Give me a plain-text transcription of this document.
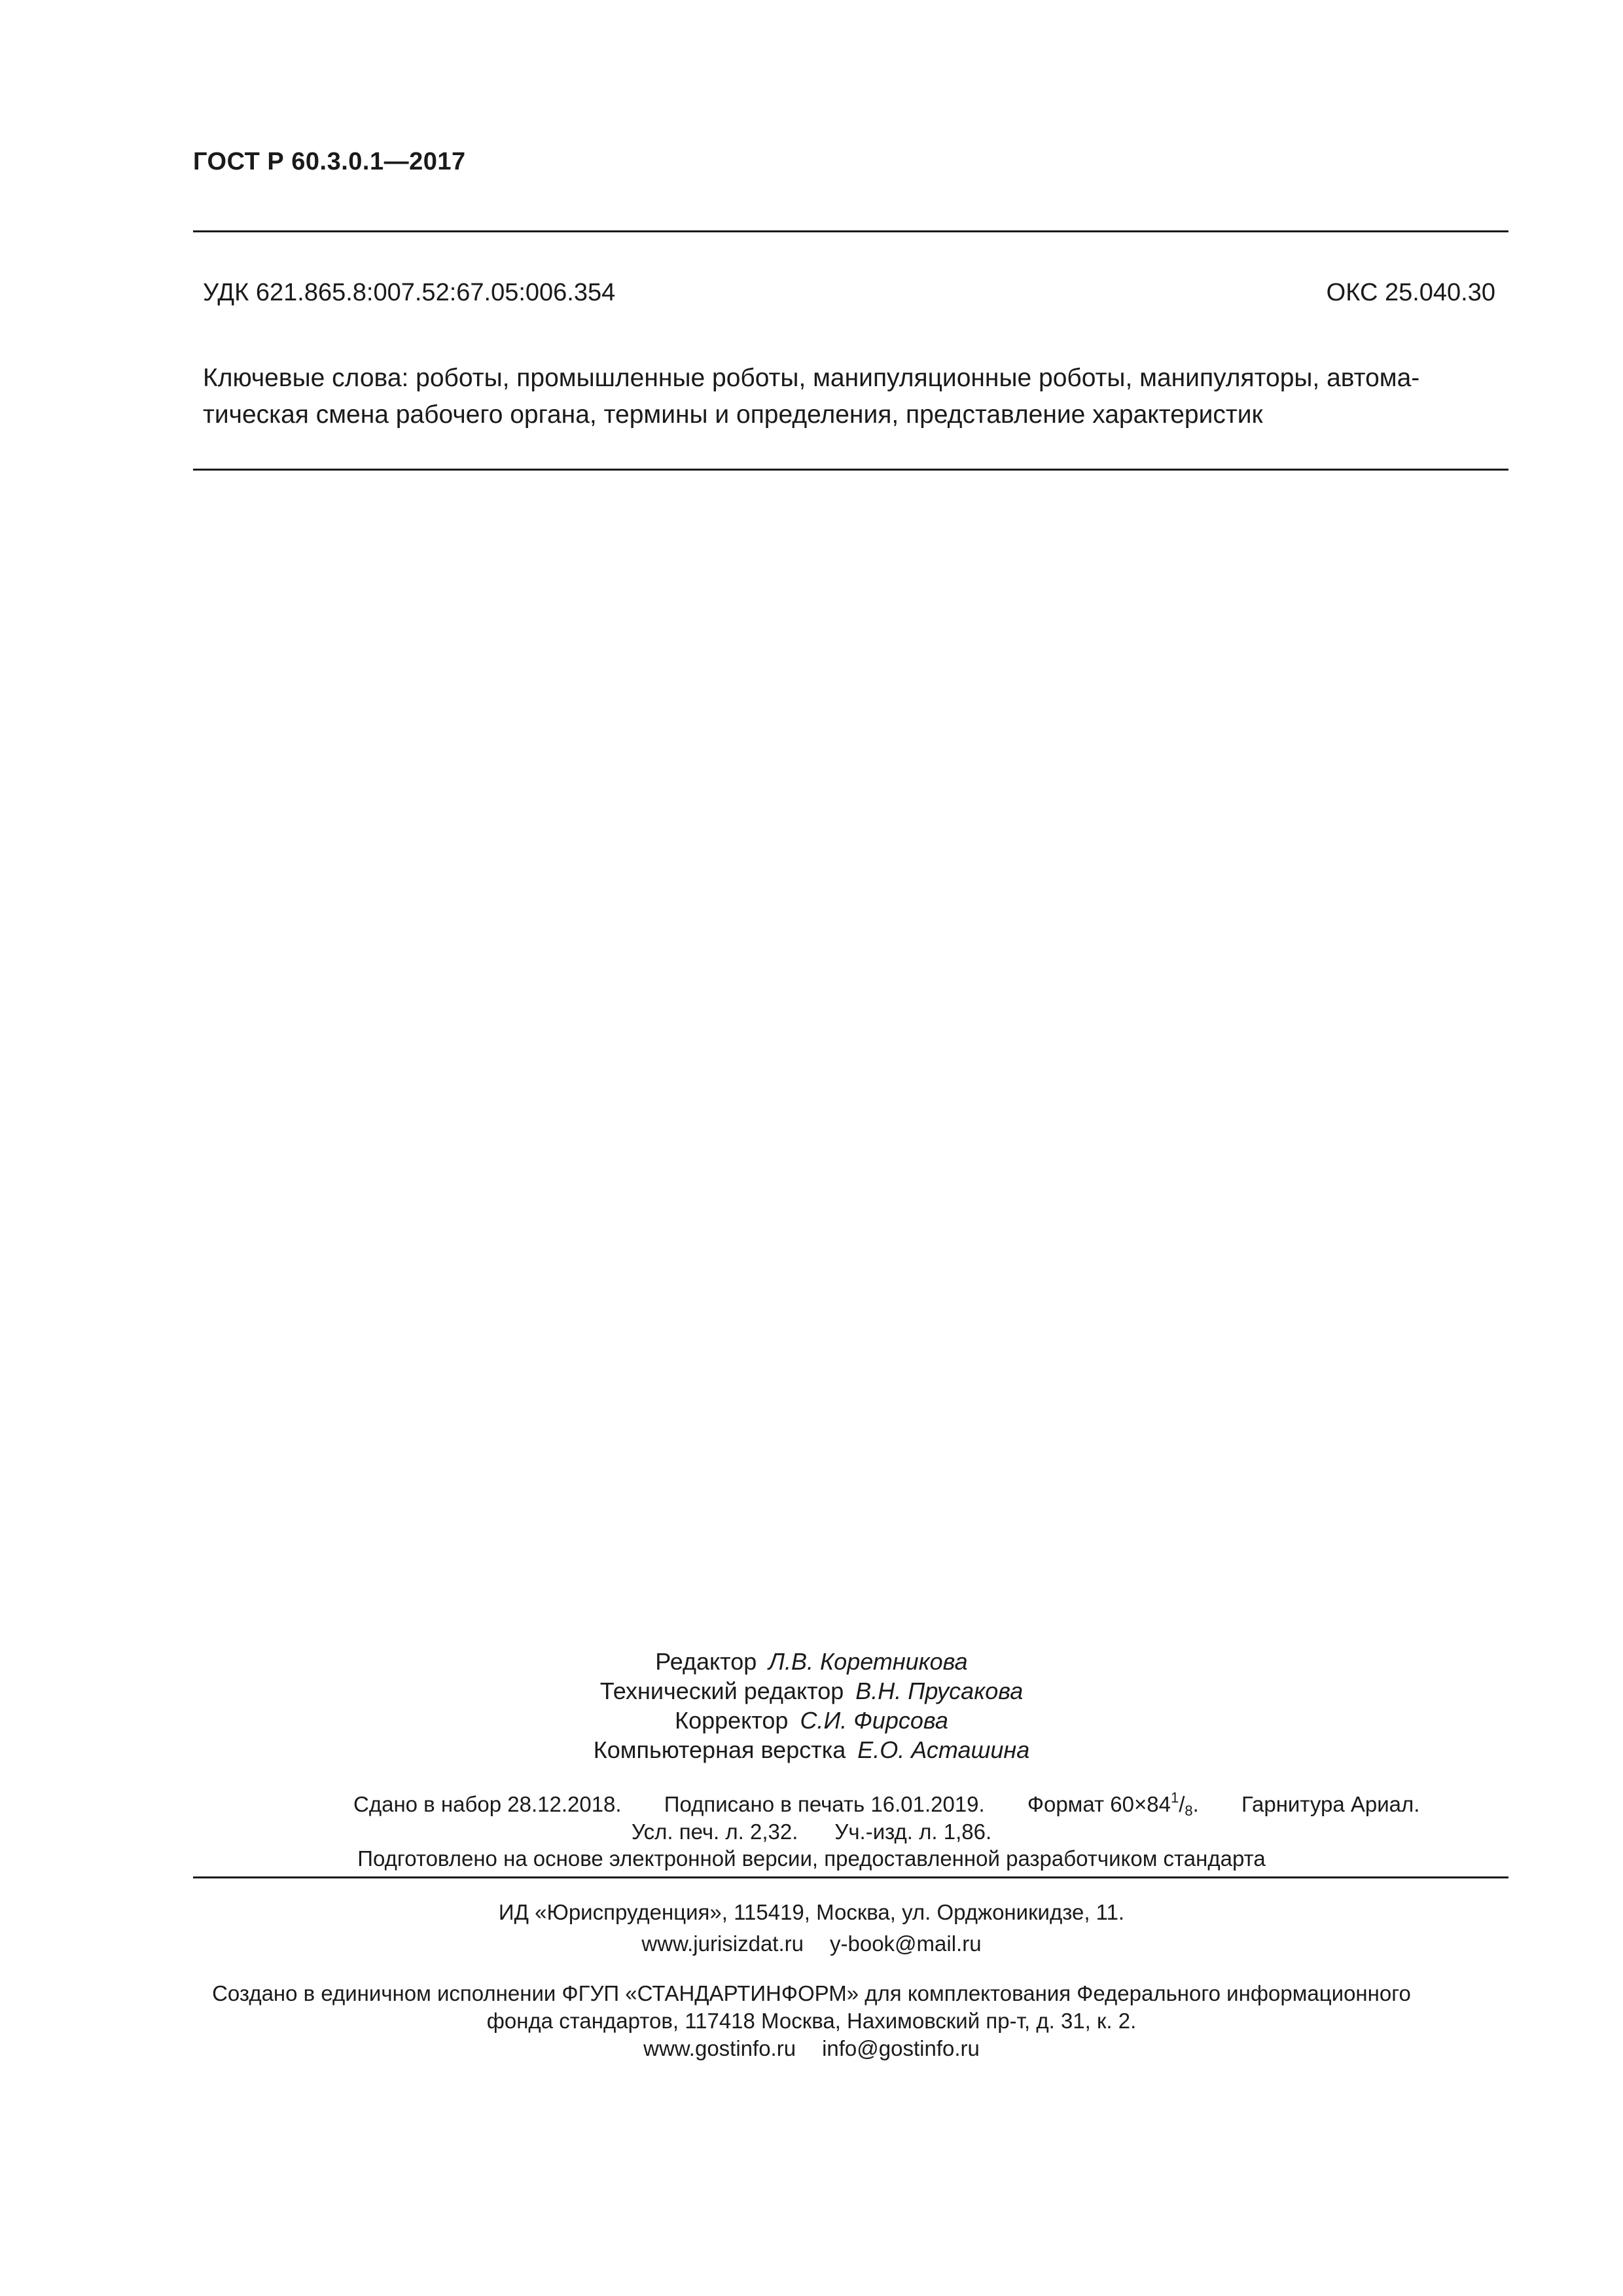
ГОСТ Р 60.3.0.1—2017
УДК 621.865.8:007.52:67.05:006.354	ОКС 25.040.30
Ключевые слова: роботы, промышленные роботы, манипуляционные роботы, манипуляторы, автома-
тическая смена рабочего органа, термины и определения, представление характеристик
Редактор Л.В. Коретникова
Технический редактор В.Н. Прусакова
Корректор С.И. Фирсова
Компьютерная верстка Е.О. Асташина
Сдано в набор 28.12.2018. Подписано в печать 16.01.2019. Формат $60\times 84^1/_8$. Гарнитура Ариал.
Усл. печ. л. 2,32. Уч.-изд. л. 1,86.
Подготовлено на основе электронной версии, предоставленной разработчиком стандарта
ИД «Юриспруденция», 115419, Москва, ул. Орджоникидзе, 11.
www.jurisizdat.ru y-book@mail.ru
Создано в единичном исполнении ФГУП «СТАНДАРТИНФОРМ» для комплектования Федерального информационного
фонда стандартов, 117418 Москва, Нахимовский пр-т, д. 31, к. 2.
www.gostinfo.ru info@gostinfo.ru
